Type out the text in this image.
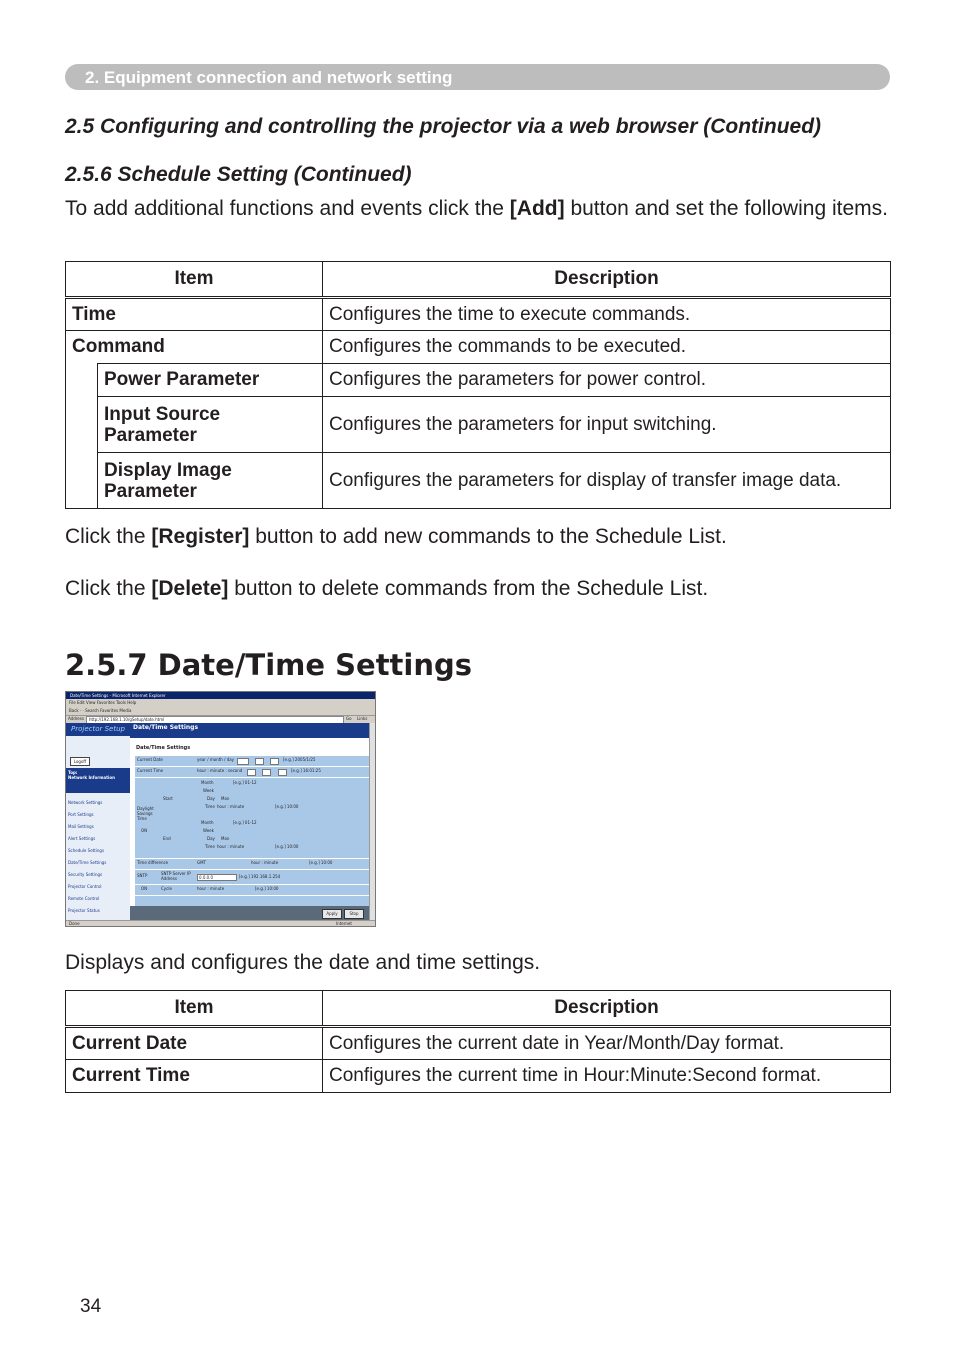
2. Equipment connection and network setting
2.5 Configuring and controlling the projector via a web browser (Continued)
2.5.6 Schedule Setting (Continued)
To add additional functions and events click the [Add] button and set the following items.
Item		Description
Time		Configures the time to execute commands.
Command		Configures the commands to be executed.
	Power Parameter	Configures the parameters for power control.
	Input Source Parameter	Configures the parameters for input switching.
	Display Image Parameter	Configures the parameters for display of transfer image data.
Click the [Register] button to add new commands to the Schedule List.
Click the [Delete] button to delete commands from the Schedule List.
2.5.7 Date/Time Settings
Date/Time Settings - Microsoft Internet Explorer
File Edit View Favorites Tools Help
Back · · Search Favorites Media
Address http://192.168.1.10/gSetup/date.html	Go Links
Projector Setup
Logoff
Top:
Network Information
Network Settings
Port Settings
Mail Settings
Alert Settings
Schedule Settings
Date/Time Settings
Security Settings
Projector Control
Remote Control
Projector Status
Date/Time Settings
Date/Time Settings
Current Date	year / month / day	[e.g.] 2005/1/25
Current Time	hour : minute : second	[e.g.] 16:01:25
Daylight Savings Time
ON
Start
End
Month	[e.g.] 01-12
Week
Day Mon
Time hour : minute	[e.g.] 10:00
Month	[e.g.] 01-12
Week
Day Mon
Time hour : minute	[e.g.] 10:00
Time difference	GMT	hour : minute	[e.g.] 10:00
SNTP	SNTP Server IP Address	0.0.0.0	[e.g.] 192.168.1.254
ON	Cycle	hour : minute	[e.g.] 10:00
Apply	Stop
Done	Internet
Displays and configures the date and time settings.
Item	Description
Current Date	Configures the current date in Year/Month/Day format.
Current Time	Configures the current time in Hour:Minute:Second format.
34
